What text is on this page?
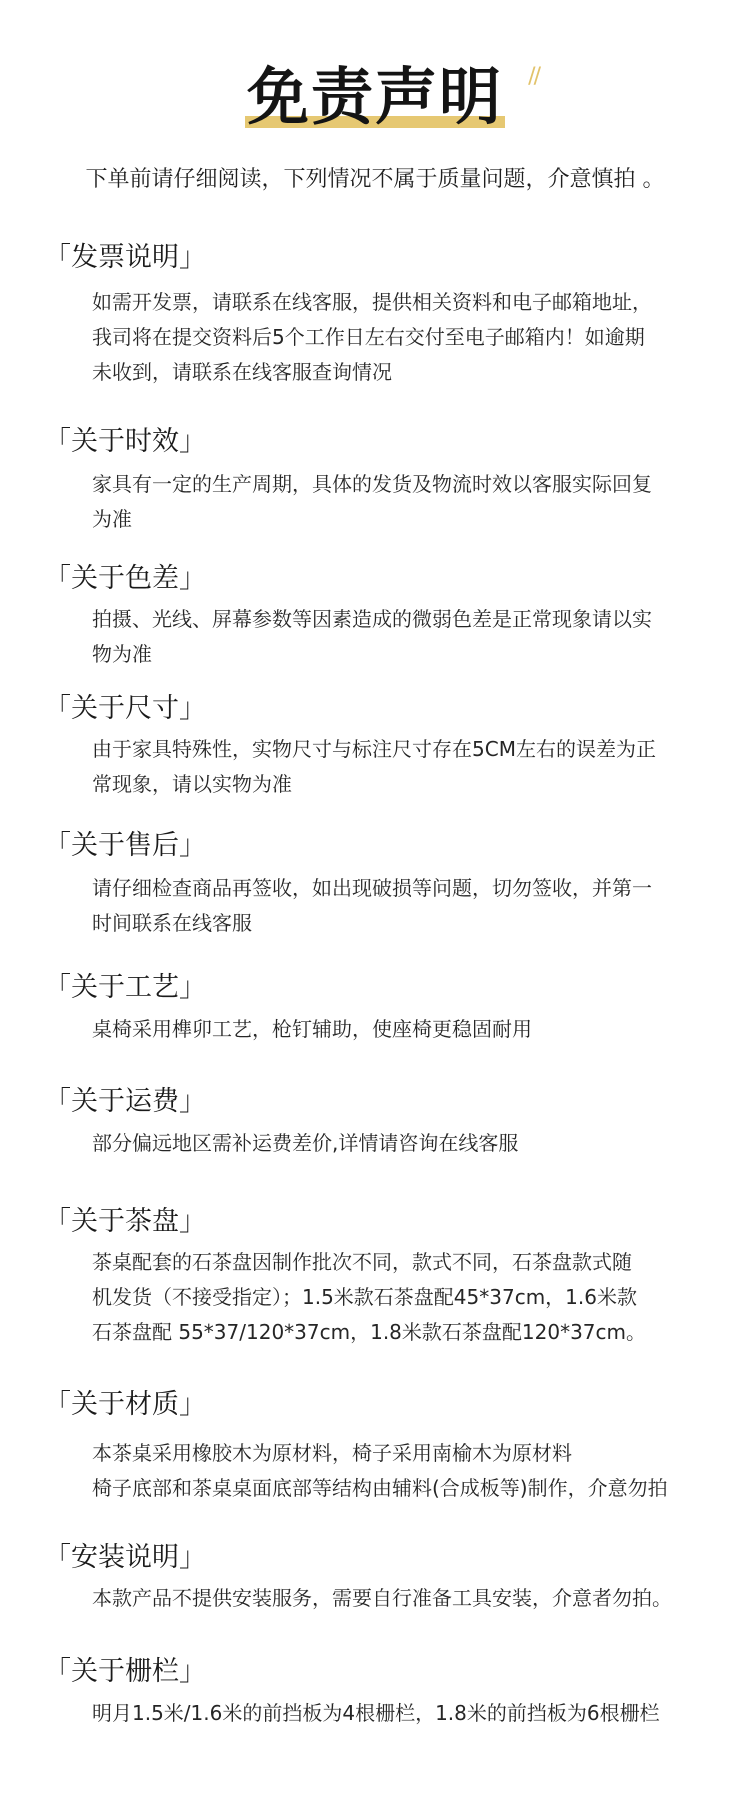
免责声明 //
下单前请仔细阅读，下列情况不属于质量问题，介意慎拍 。
「发票说明」
如需开发票，请联系在线客服，提供相关资料和电子邮箱地址，
我司将在提交资料后5个工作日左右交付至电子邮箱内！如逾期
未收到，请联系在线客服查询情况
「关于时效」
家具有一定的生产周期，具体的发货及物流时效以客服实际回复
为准
「关于色差」
拍摄、光线、屏幕参数等因素造成的微弱色差是正常现象请以实
物为准
「关于尺寸」
由于家具特殊性，实物尺寸与标注尺寸存在5CM左右的误差为正
常现象，请以实物为准
「关于售后」
请仔细检查商品再签收，如出现破损等问题，切勿签收，并第一
时间联系在线客服
「关于工艺」
桌椅采用榫卯工艺，枪钉辅助，使座椅更稳固耐用
「关于运费」
部分偏远地区需补运费差价,详情请咨询在线客服
「关于茶盘」
茶桌配套的石茶盘因制作批次不同，款式不同，石茶盘款式随
机发货（不接受指定）；1.5米款石茶盘配45*37cm，1.6米款
石茶盘配 55*37/120*37cm，1.8米款石茶盘配120*37cm。
「关于材质」
本茶桌采用橡胶木为原材料，椅子采用南榆木为原材料
椅子底部和茶桌桌面底部等结构由辅料(合成板等)制作，介意勿拍
「安装说明」
本款产品不提供安装服务，需要自行准备工具安装，介意者勿拍。
「关于栅栏」
明月1.5米/1.6米的前挡板为4根栅栏，1.8米的前挡板为6根栅栏
